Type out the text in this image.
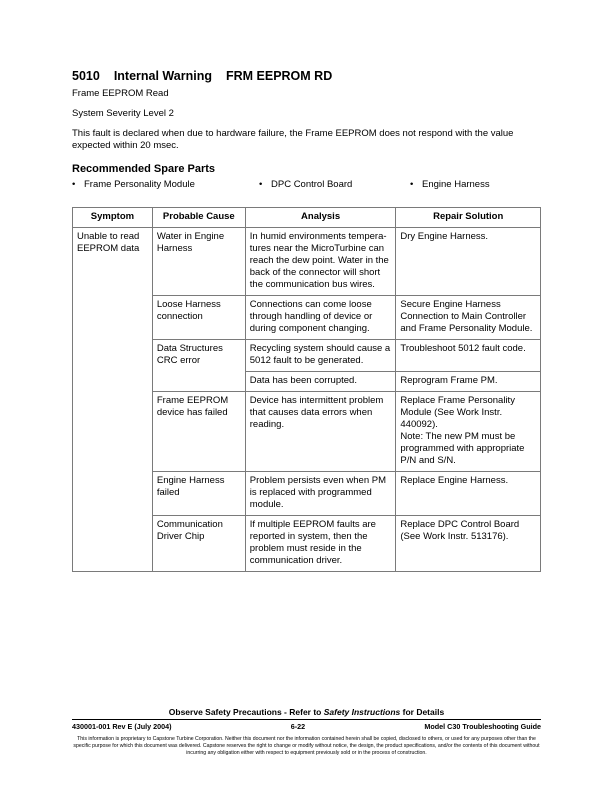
5010 Internal Warning FRM EEPROM RD

Frame EEPROM Read

System Severity Level 2

This fault is declared when due to hardware failure, the Frame EEPROM does not respond with the value expected within 20 msec.

Recommended Spare Parts
• Frame Personality Module	• DPC Control Board	• Engine Harness
Symptom	Probable Cause	Analysis	Repair Solution
Unable to read EEPROM data	Water in Engine Harness	In humid environments tempera-tures near the MicroTurbine can reach the dew point. Water in the back of the connector will short the communication bus wires.	Dry Engine Harness.
	Loose Harness connection	Connections can come loose through handling of device or during component changing.	Secure Engine Harness Connection to Main Controller and Frame Personality Module.
	Data Structures CRC error	Recycling system should cause a 5012 fault to be generated.	Troubleshoot 5012 fault code.
		Data has been corrupted.	Reprogram Frame PM.
	Frame EEPROM device has failed	Device has intermittent problem that causes data errors when reading.	Replace Frame Personality Module (See Work Instr. 440092).
Note: The new PM must be programmed with appropriate P/N and S/N.

	Engine Harness failed	Problem persists even when PM is replaced with programmed module.	Replace Engine Harness.
	Communication Driver Chip	If multiple EEPROM faults are reported in system, then the problem must reside in the communication driver.	Replace DPC Control Board (See Work Instr. 513176).
Observe Safety Precautions - Refer to Safety Instructions for Details
430001-001 Rev E (July 2004)	6-22	Model C30 Troubleshooting Guide
This information is proprietary to Capstone Turbine Corporation. Neither this document nor the information contained herein shall be copied, disclosed to others, or used for any purposes other than the specific purpose for which this document was delivered. Capstone reserves the right to change or modify without notice, the design, the product specifications, and/or the contents of this document without incurring any obligation either with respect to equipment previously sold or in the process of construction.
